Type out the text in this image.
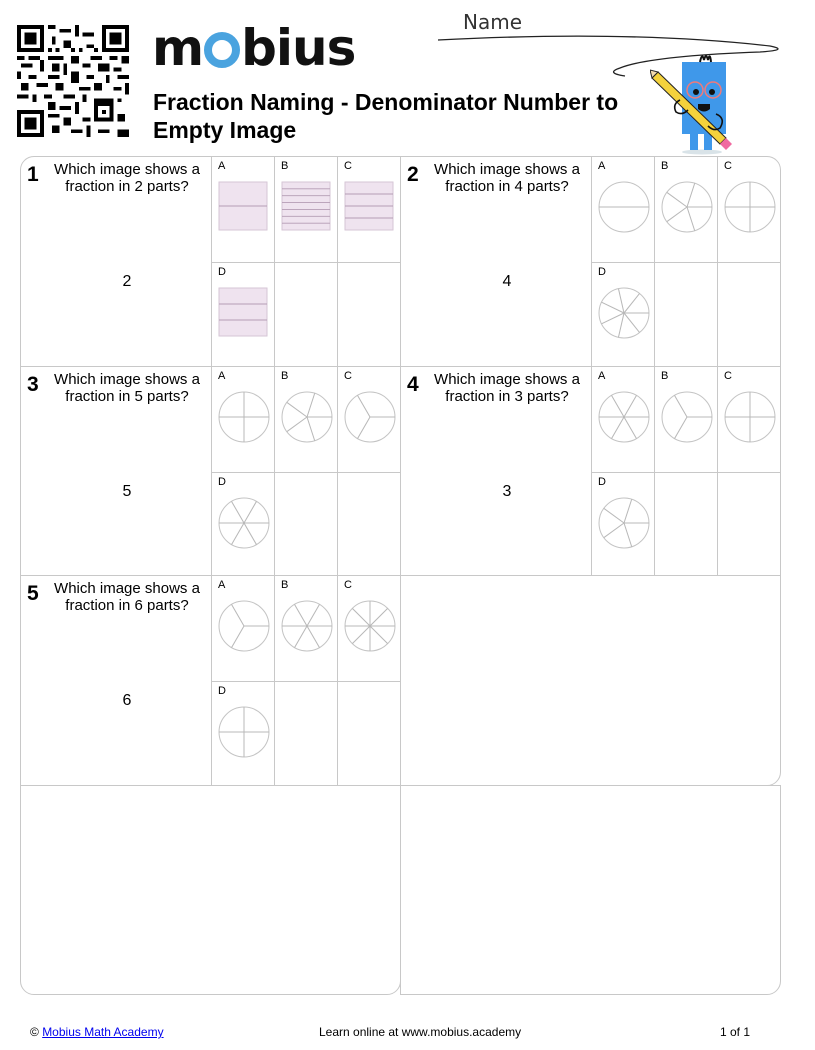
m bius
Fraction Naming - Denominator Number to Empty Image
Name
1	Which image shows a fraction in 2 parts?
2
A	B	C
D
2	Which image shows a fraction in 4 parts?
4
A	B	C
D
3	Which image shows a fraction in 5 parts?
5
A	B	C
D
4	Which image shows a fraction in 3 parts?
3
A	B	C
D
5	Which image shows a fraction in 6 parts?
6
A	B	C
D
© Mobius Math Academy	Learn online at www.mobius.academy	1 of 1
